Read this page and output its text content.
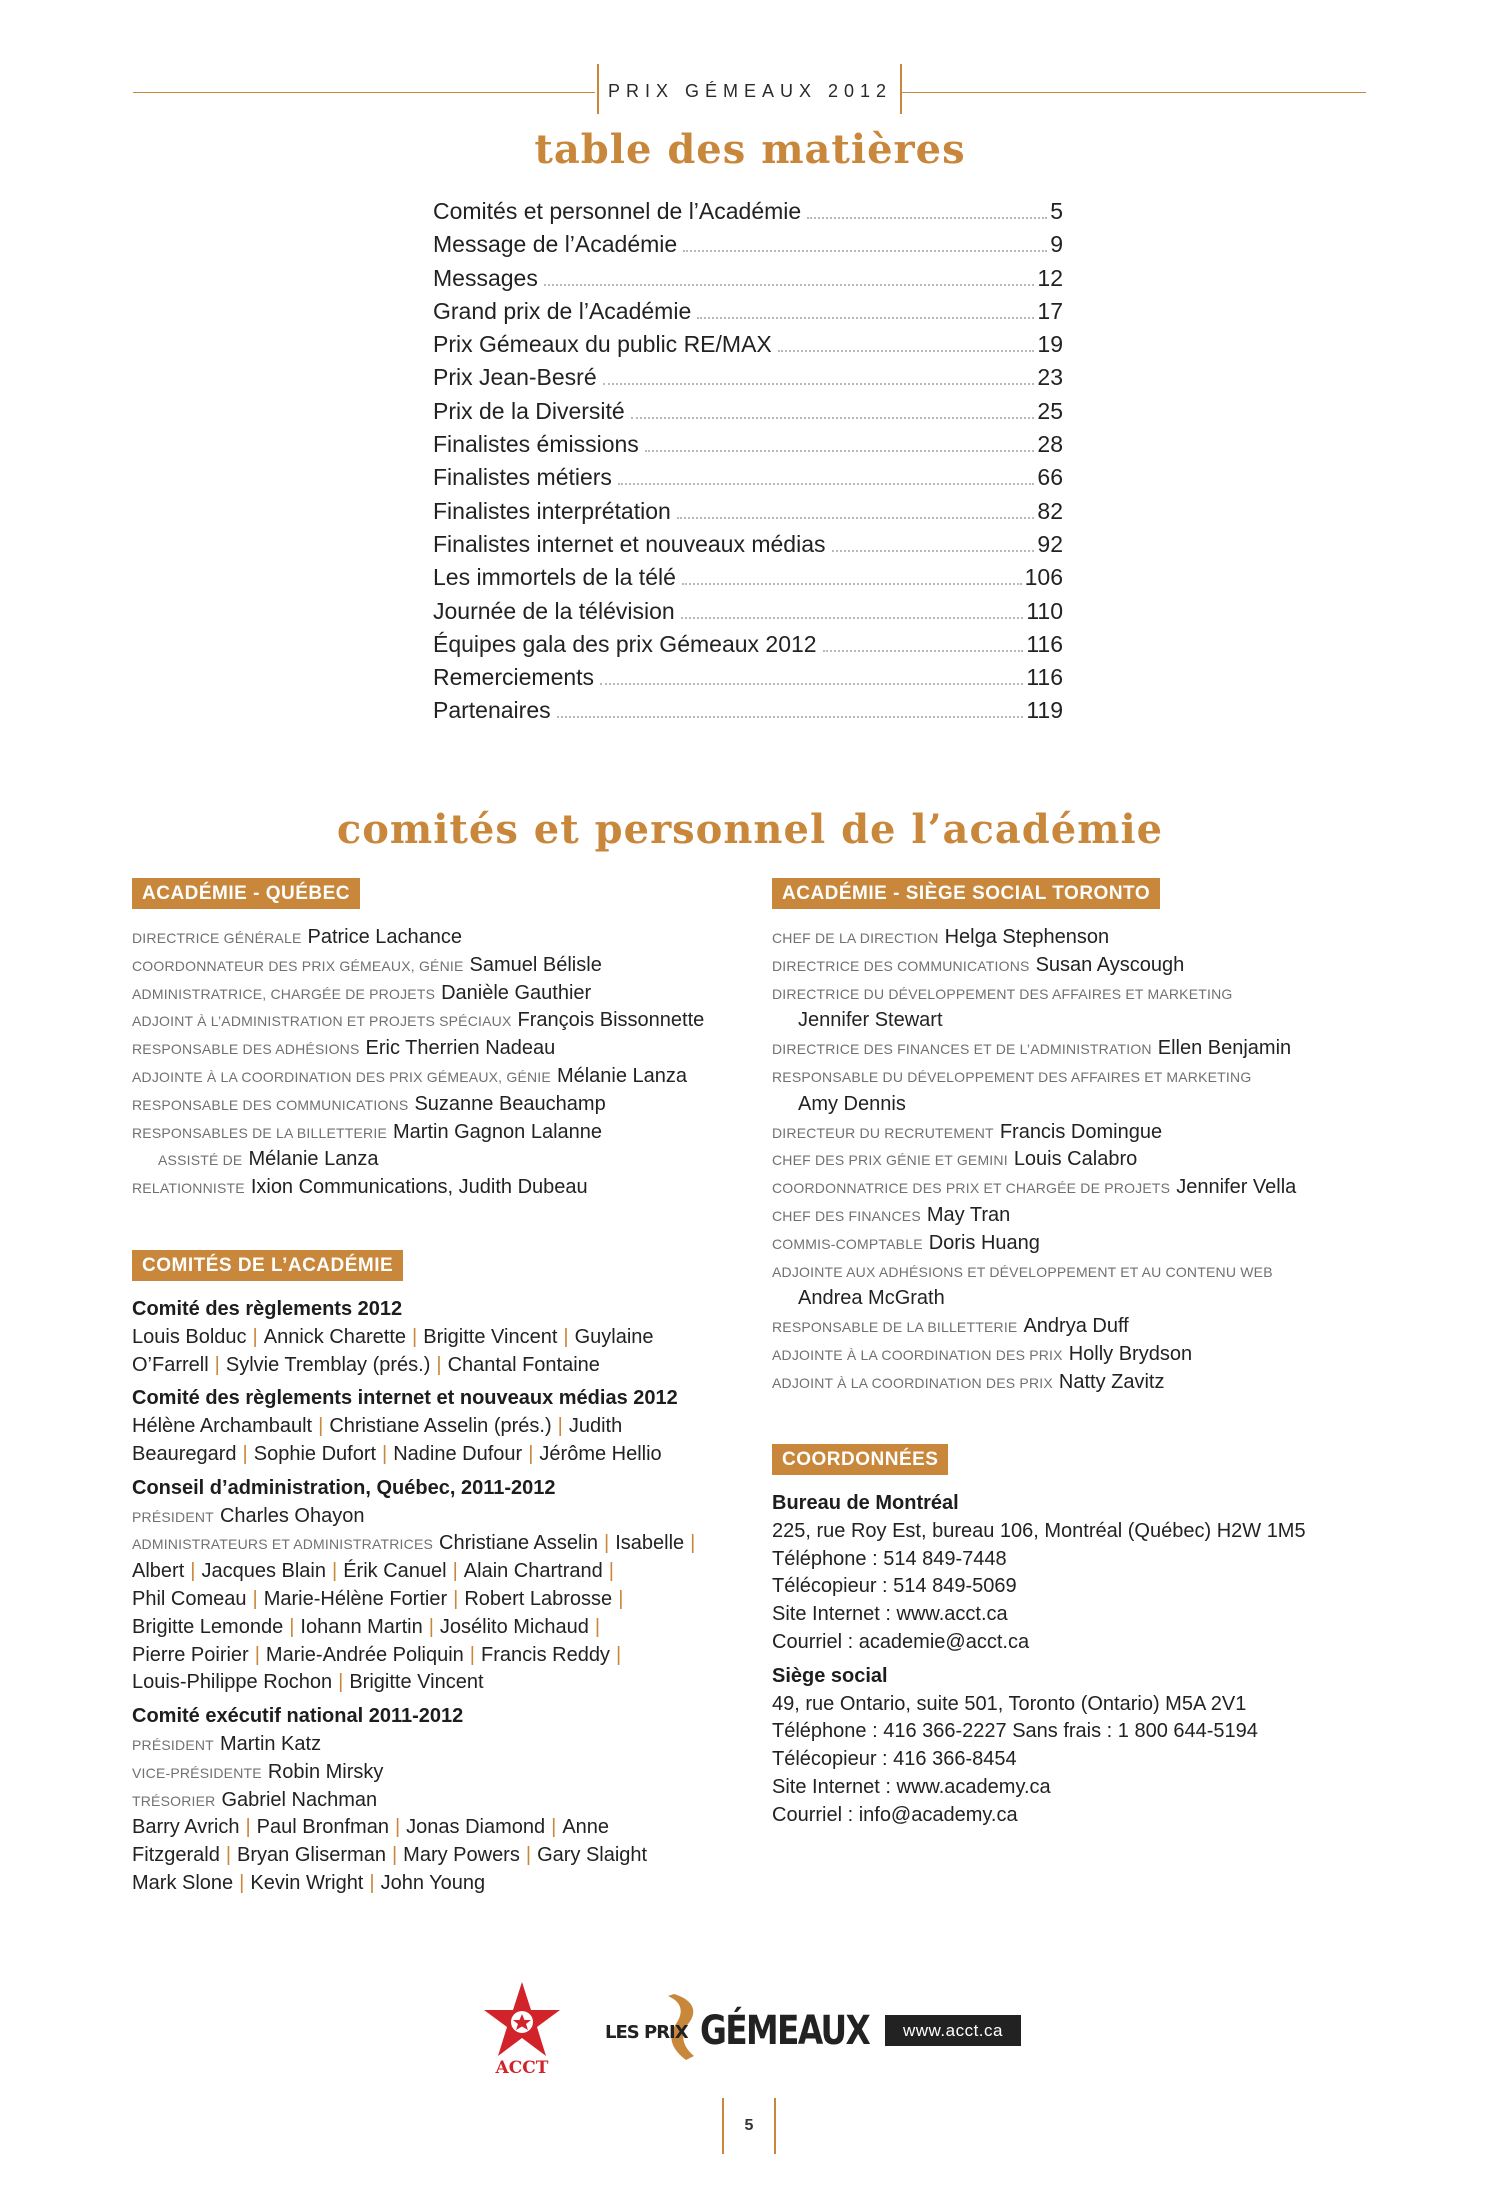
PRIX GÉMEAUX 2012
table des matières
Comités et personnel de l’Académie	5
Message de l’Académie	9
Messages	12
Grand prix de l’Académie	17
Prix Gémeaux du public RE/MAX	19
Prix Jean-Besré	23
Prix de la Diversité	25
Finalistes émissions	28
Finalistes métiers	66
Finalistes interprétation	82
Finalistes internet et nouveaux médias	92
Les immortels de la télé	106
Journée de la télévision	110
Équipes gala des prix Gémeaux 2012	116
Remerciements	116
Partenaires	119
comités et personnel de l’académie
ACADÉMIE - QUÉBEC
DIRECTRICE GÉNÉRALE Patrice Lachance
COORDONNATEUR DES PRIX GÉMEAUX, GÉNIE Samuel Bélisle
ADMINISTRATRICE, CHARGÉE DE PROJETS Danièle Gauthier
ADJOINT À L’ADMINISTRATION ET PROJETS SPÉCIAUX François Bissonnette
RESPONSABLE DES ADHÉSIONS Eric Therrien Nadeau
ADJOINTE À LA COORDINATION DES PRIX GÉMEAUX, GÉNIE Mélanie Lanza
RESPONSABLE DES COMMUNICATIONS Suzanne Beauchamp
RESPONSABLES DE LA BILLETTERIE Martin Gagnon Lalanne
ASSISTÉ DE Mélanie Lanza
RELATIONNISTE Ixion Communications, Judith Dubeau
COMITÉS DE L’ACADÉMIE
Comité des règlements 2012
Louis Bolduc | Annick Charette | Brigitte Vincent | Guylaine
O’Farrell | Sylvie Tremblay (prés.) | Chantal Fontaine
Comité des règlements internet et nouveaux médias 2012
Hélène Archambault | Christiane Asselin (prés.) | Judith
Beauregard | Sophie Dufort | Nadine Dufour | Jérôme Hellio
Conseil d’administration, Québec, 2011-2012
PRÉSIDENT Charles Ohayon
ADMINISTRATEURS ET ADMINISTRATRICES Christiane Asselin | Isabelle |
Albert | Jacques Blain | Érik Canuel | Alain Chartrand |
Phil Comeau | Marie-Hélène Fortier | Robert Labrosse |
Brigitte Lemonde | Iohann Martin | Josélito Michaud |
Pierre Poirier | Marie-Andrée Poliquin | Francis Reddy |
Louis-Philippe Rochon | Brigitte Vincent
Comité exécutif national 2011-2012
PRÉSIDENT Martin Katz
VICE-PRÉSIDENTE Robin Mirsky
TRÉSORIER Gabriel Nachman
Barry Avrich | Paul Bronfman | Jonas Diamond | Anne
Fitzgerald | Bryan Gliserman | Mary Powers | Gary Slaight
Mark Slone | Kevin Wright | John Young
ACADÉMIE - SIÈGE SOCIAL TORONTO
CHEF DE LA DIRECTION Helga Stephenson
DIRECTRICE DES COMMUNICATIONS Susan Ayscough
DIRECTRICE DU DÉVELOPPEMENT DES AFFAIRES ET MARKETING
Jennifer Stewart
DIRECTRICE DES FINANCES ET DE L’ADMINISTRATION Ellen Benjamin
RESPONSABLE DU DÉVELOPPEMENT DES AFFAIRES ET MARKETING
Amy Dennis
DIRECTEUR DU RECRUTEMENT Francis Domingue
CHEF DES PRIX GÉNIE ET GEMINI Louis Calabro
COORDONNATRICE DES PRIX ET CHARGÉE DE PROJETS Jennifer Vella
CHEF DES FINANCES May Tran
COMMIS-COMPTABLE Doris Huang
ADJOINTE AUX ADHÉSIONS ET DÉVELOPPEMENT ET AU CONTENU WEB
Andrea McGrath
RESPONSABLE DE LA BILLETTERIE Andrya Duff
ADJOINTE À LA COORDINATION DES PRIX Holly Brydson
ADJOINT À LA COORDINATION DES PRIX Natty Zavitz
COORDONNÉES
Bureau de Montréal
225, rue Roy Est, bureau 106, Montréal (Québec) H2W 1M5
Téléphone : 514 849-7448
Télécopieur : 514 849-5069
Site Internet : www.acct.ca
Courriel : academie@acct.ca
Siège social
49, rue Ontario, suite 501, Toronto (Ontario) M5A 2V1
Téléphone : 416 366-2227 Sans frais : 1 800 644-5194
Télécopieur : 416 366-8454
Site Internet : www.academy.ca
Courriel : info@academy.ca
ACCT
LES PRIX GÉMEAUX	www.acct.ca
5
